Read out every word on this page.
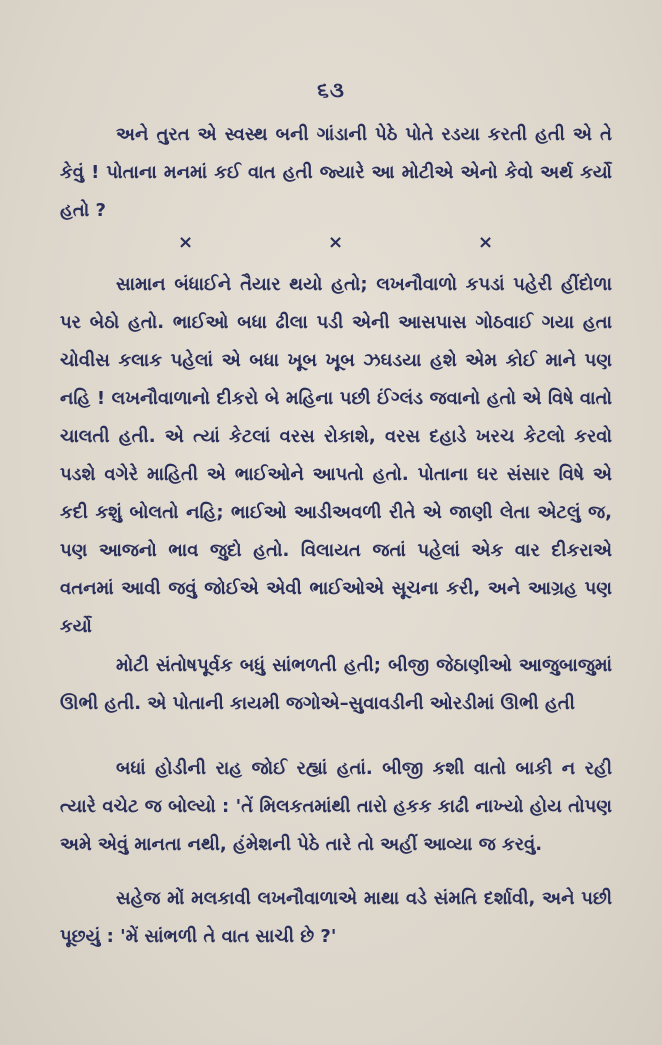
૬૩

અને તુરત એ સ્વસ્થ બની ગાંડાની પેઠે પોતે રડયા કરતી હતી એ તે કેવું ! પોતાના મનમાં કઈ વાત હતી જ્યારે આ મોટીએ એનો કેવો અર્થ કર્યો હતો ?

×	×	×

સામાન બંધાઈને તૈયાર થયો હતો; લખનૌવાળો કપડાં પહેરી હીંદોળા પર બેઠો હતો. ભાઈઓ બધા ઢીલા પડી એની આસપાસ ગોઠવાઈ ગયા હતા ચોવીસ કલાક પહેલાં એ બધા ખૂબ ખૂબ ઝઘડયા હશે એમ કોઈ માને પણ નહિ ! લખનૌવાળાનો દીકરો બે મહિના પછી ઈંગ્લંડ જવાનો હતો એ વિષે વાતો ચાલતી હતી. એ ત્યાં કેટલાં વરસ રોકાશે, વરસ દહાડે ખરચ કેટલો કરવો પડશે વગેરે માહિતી એ ભાઈઓને આપતો હતો. પોતાના ઘર સંસાર વિષે એ કદી કશું બોલતો નહિ; ભાઈઓ આડીઅવળી રીતે એ જાણી લેતા એટલું જ, પણ આજનો ભાવ જુદો હતો. વિલાયત જતાં પહેલાં એક વાર દીકરાએ વતનમાં આવી જવું જોઈએ એવી ભાઈઓએ સૂચના કરી, અને આગ્રહ પણ કર્યો

મોટી સંતોષપૂર્વક બધું સાંભળતી હતી; બીજી જેઠાણીઓ આજુબાજુમાં ઊભી હતી. એ પોતાની કાયમી જગોએ–સુવાવડીની ઓરડીમાં ઊભી હતી

બધાં હોડીની રાહ જોઈ રહ્યાં હતાં. બીજી કશી વાતો બાકી ન રહી ત્યારે વચેટ જ બોલ્યો : 'તેં મિલકતમાંથી તારો હકક કાઢી નાખ્યો હોય તોપણ અમે એવું માનતા નથી, હંમેશની પેઠે તારે તો અહીં આવ્યા જ કરવું.

સહેજ મોં મલકાવી લખનૌવાળાએ માથા વડે સંમતિ દર્શાવી, અને પછી પૂછયું : 'મેં સાંભળી તે વાત સાચી છે ?'
